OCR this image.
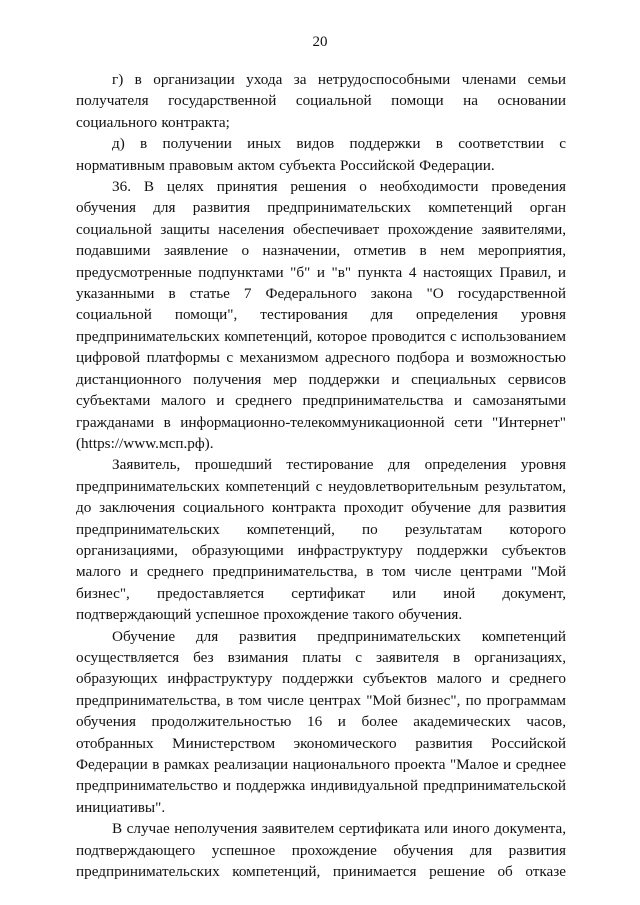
20

г) в организации ухода за нетрудоспособными членами семьи получателя государственной социальной помощи на основании социального контракта;

д) в получении иных видов поддержки в соответствии с нормативным правовым актом субъекта Российской Федерации.

36. В целях принятия решения о необходимости проведения обучения для развития предпринимательских компетенций орган социальной защиты населения обеспечивает прохождение заявителями, подавшими заявление о назначении, отметив в нем мероприятия, предусмотренные подпунктами "б" и "в" пункта 4 настоящих Правил, и указанными в статье 7 Федерального закона "О государственной социальной помощи", тестирования для определения уровня предпринимательских компетенций, которое проводится с использованием цифровой платформы с механизмом адресного подбора и возможностью дистанционного получения мер поддержки и специальных сервисов субъектами малого и среднего предпринимательства и самозанятыми гражданами в информационно-телекоммуникационной сети "Интернет" (https://www.мсп.рф).

Заявитель, прошедший тестирование для определения уровня предпринимательских компетенций с неудовлетворительным результатом, до заключения социального контракта проходит обучение для развития предпринимательских компетенций, по результатам которого организациями, образующими инфраструктуру поддержки субъектов малого и среднего предпринимательства, в том числе центрами "Мой бизнес", предоставляется сертификат или иной документ, подтверждающий успешное прохождение такого обучения.

Обучение для развития предпринимательских компетенций осуществляется без взимания платы с заявителя в организациях, образующих инфраструктуру поддержки субъектов малого и среднего предпринимательства, в том числе центрах "Мой бизнес", по программам обучения продолжительностью 16 и более академических часов, отобранных Министерством экономического развития Российской Федерации в рамках реализации национального проекта "Малое и среднее предпринимательство и поддержка индивидуальной предпринимательской инициативы".

В случае неполучения заявителем сертификата или иного документа, подтверждающего успешное прохождение обучения для развития предпринимательских компетенций, принимается решение об отказе
